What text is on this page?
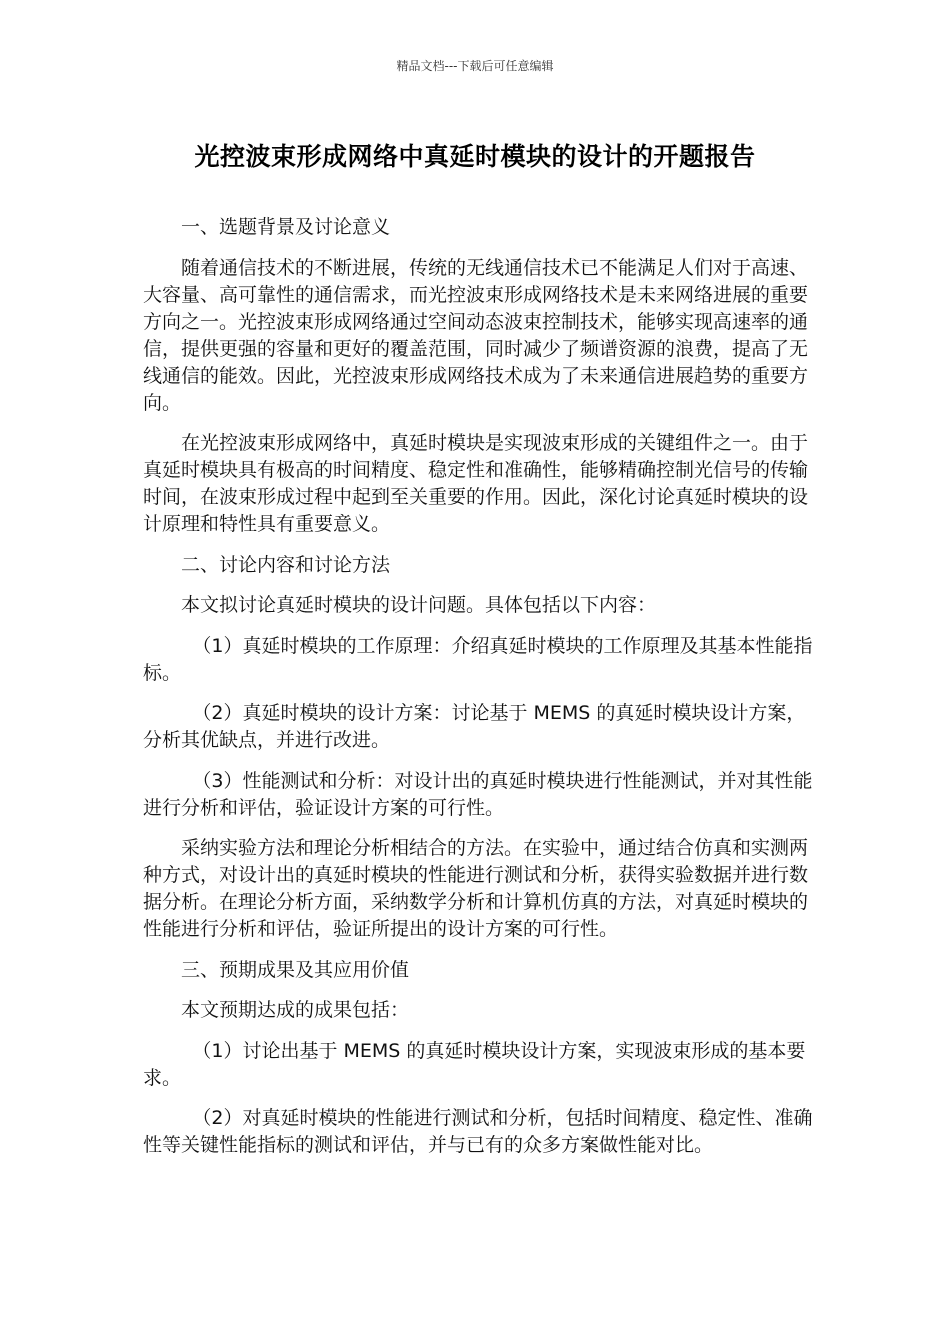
精品文档---下载后可任意编辑
光控波束形成网络中真延时模块的设计的开题报告

一、选题背景及讨论意义

随着通信技术的不断进展，传统的无线通信技术已不能满足人们对于高速、大容量、高可靠性的通信需求，而光控波束形成网络技术是未来网络进展的重要方向之一。光控波束形成网络通过空间动态波束控制技术，能够实现高速率的通信，提供更强的容量和更好的覆盖范围，同时减少了频谱资源的浪费，提高了无线通信的能效。因此，光控波束形成网络技术成为了未来通信进展趋势的重要方向。

在光控波束形成网络中，真延时模块是实现波束形成的关键组件之一。由于真延时模块具有极高的时间精度、稳定性和准确性，能够精确控制光信号的传输时间，在波束形成过程中起到至关重要的作用。因此，深化讨论真延时模块的设计原理和特性具有重要意义。

二、讨论内容和讨论方法

本文拟讨论真延时模块的设计问题。具体包括以下内容：

（1）真延时模块的工作原理：介绍真延时模块的工作原理及其基本性能指标。

（2）真延时模块的设计方案：讨论基于 MEMS 的真延时模块设计方案，分析其优缺点，并进行改进。

（3）性能测试和分析：对设计出的真延时模块进行性能测试，并对其性能进行分析和评估，验证设计方案的可行性。

采纳实验方法和理论分析相结合的方法。在实验中，通过结合仿真和实测两种方式，对设计出的真延时模块的性能进行测试和分析，获得实验数据并进行数据分析。在理论分析方面，采纳数学分析和计算机仿真的方法，对真延时模块的性能进行分析和评估，验证所提出的设计方案的可行性。

三、预期成果及其应用价值

本文预期达成的成果包括：

（1）讨论出基于 MEMS 的真延时模块设计方案，实现波束形成的基本要求。

（2）对真延时模块的性能进行测试和分析，包括时间精度、稳定性、准确性等关键性能指标的测试和评估，并与已有的众多方案做性能对比。
